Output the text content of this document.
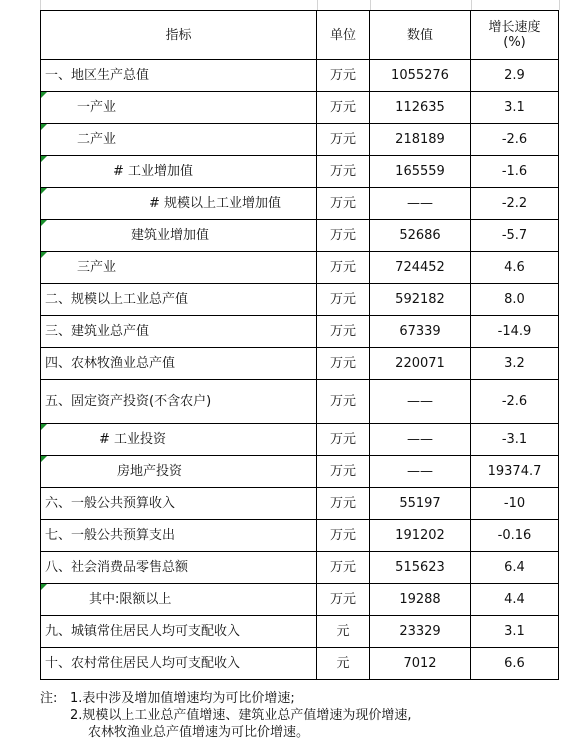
指标	单位	数值	增长速度
(%)

一、地区生产总值	万元	1055276	2.9
一产业	万元	112635	3.1
二产业	万元	218189	-2.6
# 工业增加值	万元	165559	-1.6
# 规模以上工业增加值	万元	——	-2.2
建筑业增加值	万元	52686	-5.7
三产业	万元	724452	4.6
二、规模以上工业总产值	万元	592182	8.0
三、建筑业总产值	万元	67339	-14.9
四、农林牧渔业总产值	万元	220071	3.2
五、固定资产投资(不含农户)	万元	——	-2.6
# 工业投资	万元	——	-3.1
房地产投资	万元	——	19374.7
六、一般公共预算收入	万元	55197	-10
七、一般公共预算支出	万元	191202	-0.16
八、社会消费品零售总额	万元	515623	6.4
其中:限额以上	万元	19288	4.4
九、城镇常住居民人均可支配收入	元	23329	3.1
十、农村常住居民人均可支配收入	元	7012	6.6
注: 1.表中涉及增加值增速均为可比价增速;
2.规模以上工业总产值增速、建筑业总产值增速为现价增速,
农林牧渔业总产值增速为可比价增速。
